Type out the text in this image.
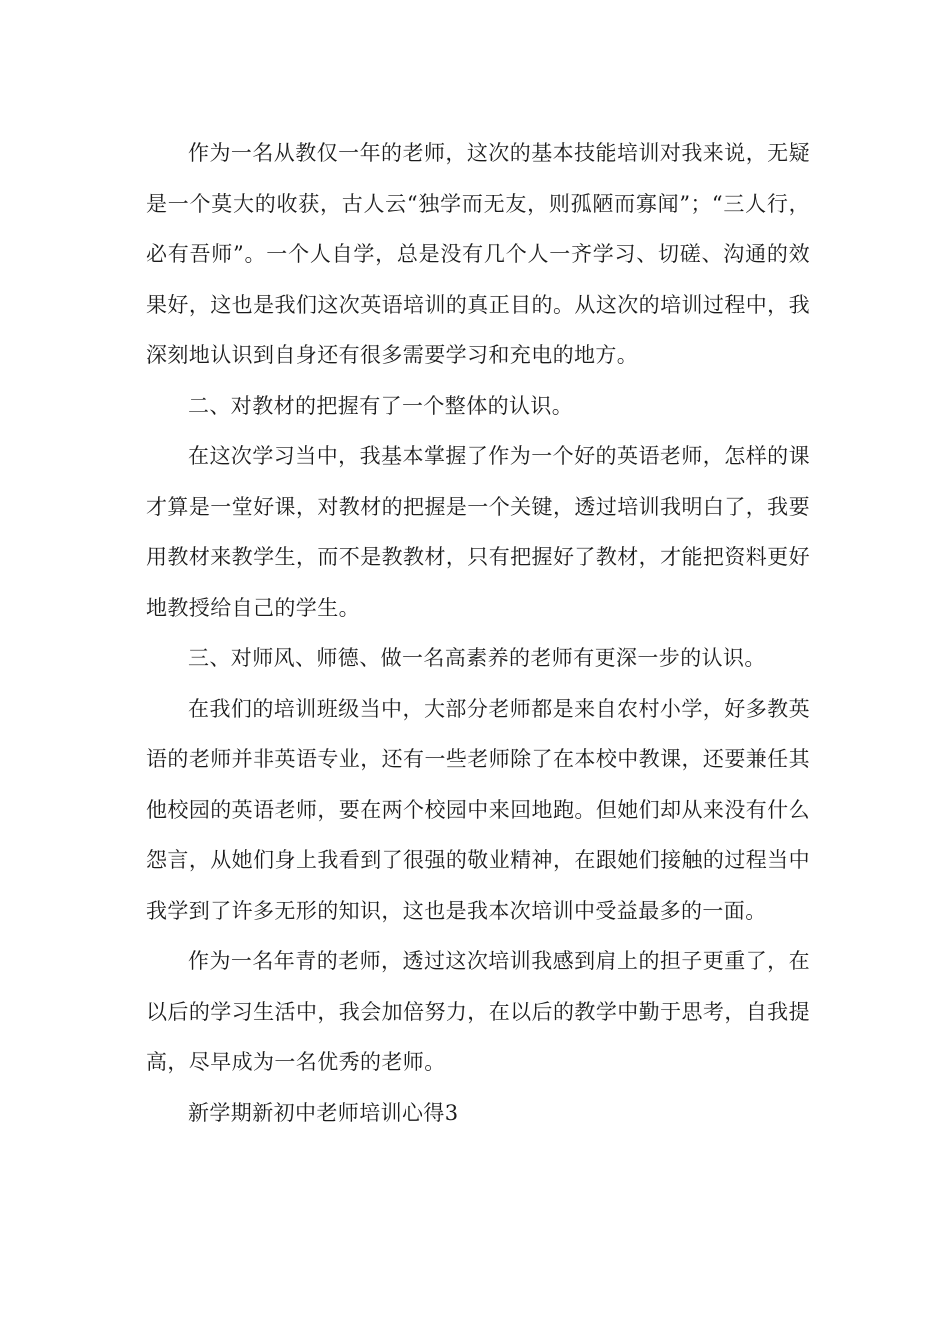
作为一名从教仅一年的老师，这次的基本技能培训对我来说，无疑是一个莫大的收获，古人云“独学而无友，则孤陋而寡闻”；“三人行，必有吾师”。一个人自学，总是没有几个人一齐学习、切磋、沟通的效果好，这也是我们这次英语培训的真正目的。从这次的培训过程中，我深刻地认识到自身还有很多需要学习和充电的地方。

二、对教材的把握有了一个整体的认识。

在这次学习当中，我基本掌握了作为一个好的英语老师，怎样的课才算是一堂好课，对教材的把握是一个关键，透过培训我明白了，我要用教材来教学生，而不是教教材，只有把握好了教材，才能把资料更好地教授给自己的学生。

三、对师风、师德、做一名高素养的老师有更深一步的认识。

在我们的培训班级当中，大部分老师都是来自农村小学，好多教英语的老师并非英语专业，还有一些老师除了在本校中教课，还要兼任其他校园的英语老师，要在两个校园中来回地跑。但她们却从来没有什么怨言，从她们身上我看到了很强的敬业精神，在跟她们接触的过程当中我学到了许多无形的知识，这也是我本次培训中受益最多的一面。

作为一名年青的老师，透过这次培训我感到肩上的担子更重了，在以后的学习生活中，我会加倍努力，在以后的教学中勤于思考，自我提高，尽早成为一名优秀的老师。

新学期新初中老师培训心得3
